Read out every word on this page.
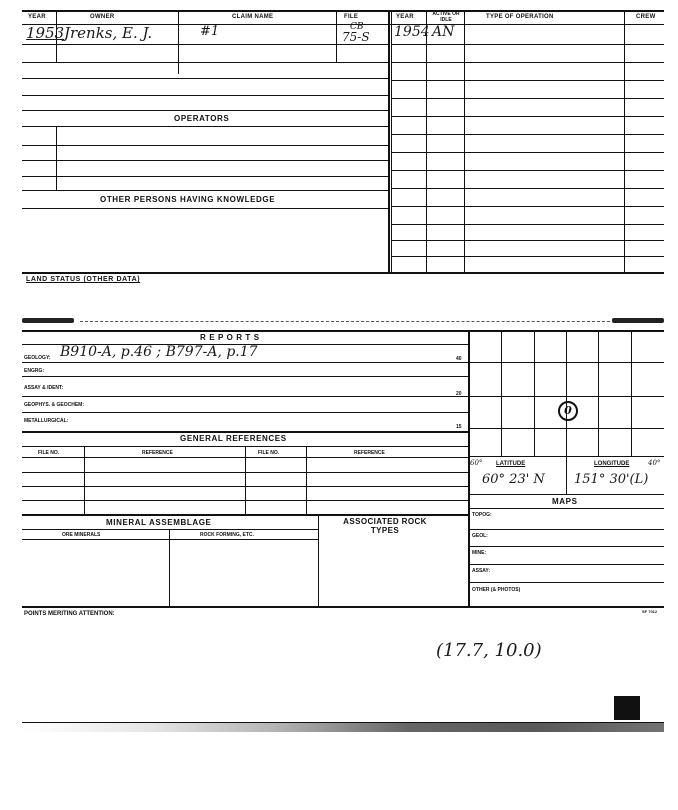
YEAR	OWNER	CLAIM NAME	FILE
1953 Jrenks, E. J.	#1	CB
75-S
OPERATORS
OTHER PERSONS HAVING KNOWLEDGE
YEAR	ACTIVE OR IDLE	TYPE OF OPERATION	CREW
1954 AN
LAND STATUS (OTHER DATA)
R E P O R T S
GEOLOGY: B910-A, p.46 ; B797-A, p.17	40
ENGRG:
ASSAY & IDENT:
20
GEOPHYS. & GEOCHEM:
METALLURGICAL:
15
GENERAL REFERENCES
FILE NO.	REFERENCE	FILE NO.	REFERENCE
MINERAL ASSEMBLAGE	ASSOCIATED ROCK TYPES
ORE MINERALS	ROCK FORMING, ETC.
POINTS MERITING ATTENTION:	SF 7012
0
60° LATITUDE	LONGITUDE	40°
60° 23' N 151° 30'(L)
MAPS
TOPOG:
GEOL:
MINE:
ASSAY:
OTHER (& PHOTOS)
(17.7, 10.0)
